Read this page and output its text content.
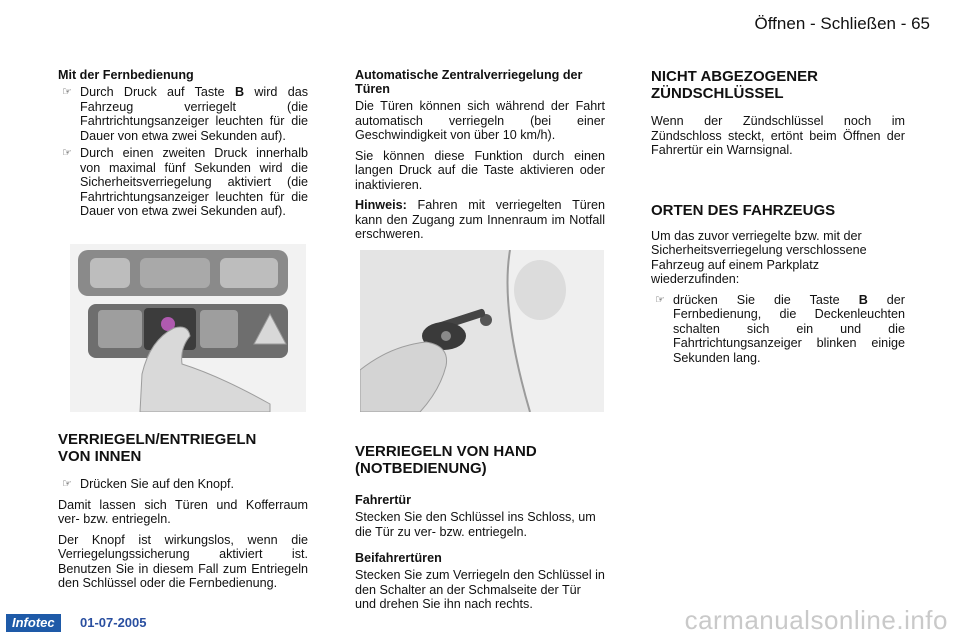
Öffnen - Schließen - 65
Mit der Fernbedienung
☞ Durch Druck auf Taste B wird das Fahrzeug verriegelt (die Fahrtrichtungsanzeiger leuchten für die Dauer von etwa zwei Sekunden auf).
☞ Durch einen zweiten Druck innerhalb von maximal fünf Sekunden wird die Sicherheitsverriegelung aktiviert (die Fahrtrichtungsanzeiger leuchten für die Dauer von etwa zwei Sekunden auf).
VERRIEGELN/ENTRIEGELN
VON INNEN
☞ Drücken Sie auf den Knopf.

Damit lassen sich Türen und Kofferraum ver- bzw. entriegeln.

Der Knopf ist wirkungslos, wenn die Verriegelungssicherung aktiviert ist. Benutzen Sie in diesem Fall zum Entriegeln den Schlüssel oder die Fernbedienung.

Automatische Zentralverriegelung der Türen

Die Türen können sich während der Fahrt automatisch verriegeln (bei einer Geschwindigkeit von über 10 km/h).

Sie können diese Funktion durch einen langen Druck auf die Taste aktivieren oder inaktivieren.

Hinweis: Fahren mit verriegelten Türen kann den Zugang zum Innenraum im Notfall erschweren.

VERRIEGELN VON HAND
(NOTBEDIENUNG)
Fahrertür

Stecken Sie den Schlüssel ins Schloss, um die Tür zu ver- bzw. entriegeln.

Beifahrertüren

Stecken Sie zum Verriegeln den Schlüssel in den Schalter an der Schmalseite der Tür und drehen Sie ihn nach rechts.

NICHT ABGEZOGENER
ZÜNDSCHLÜSSEL

Wenn der Zündschlüssel noch im Zündschloss steckt, ertönt beim Öffnen der Fahrertür ein Warnsignal.

ORTEN DES FAHRZEUGS

Um das zuvor verriegelte bzw. mit der Sicherheitsverriegelung verschlossene Fahrzeug auf einem Parkplatz wiederzufinden:

☞ drücken Sie die Taste B der Fernbedienung, die Deckenleuchten schalten sich ein und die Fahrtrichtungsanzeiger blinken einige Sekunden lang.
Infotec	01-07-2005	carmanualsonline.info
